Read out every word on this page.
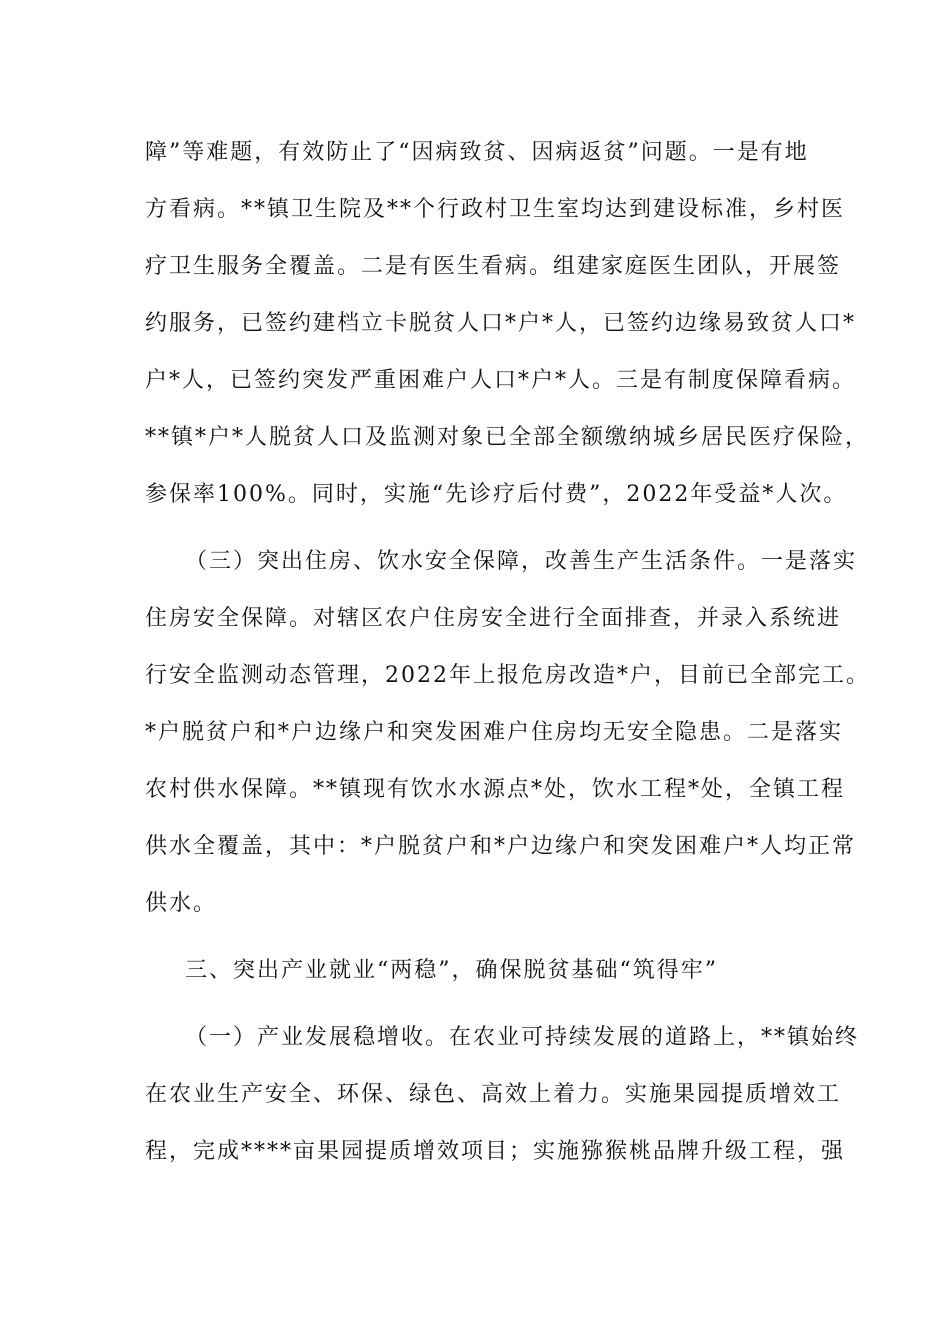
障”等难题，有效防止了“因病致贫、因病返贫”问题。一是有地
方看病。**镇卫生院及**个行政村卫生室均达到建设标准，乡村医
疗卫生服务全覆盖。二是有医生看病。组建家庭医生团队，开展签
约服务，已签约建档立卡脱贫人口*户*人，已签约边缘易致贫人口*
户*人，已签约突发严重困难户人口*户*人。三是有制度保障看病。
**镇*户*人脱贫人口及监测对象已全部全额缴纳城乡居民医疗保险，
参保率100%。同时，实施“先诊疗后付费”，2022年受益*人次。
（三）突出住房、饮水安全保障，改善生产生活条件。一是落实
住房安全保障。对辖区农户住房安全进行全面排查，并录入系统进
行安全监测动态管理，2022年上报危房改造*户，目前已全部完工。
*户脱贫户和*户边缘户和突发困难户住房均无安全隐患。二是落实
农村供水保障。**镇现有饮水水源点*处，饮水工程*处，全镇工程
供水全覆盖，其中：*户脱贫户和*户边缘户和突发困难户*人均正常
供水。
三、突出产业就业“两稳”，确保脱贫基础“筑得牢”
（一）产业发展稳增收。在农业可持续发展的道路上，**镇始终
在农业生产安全、环保、绿色、高效上着力。实施果园提质增效工
程，完成****亩果园提质增效项目；实施猕猴桃品牌升级工程，强
